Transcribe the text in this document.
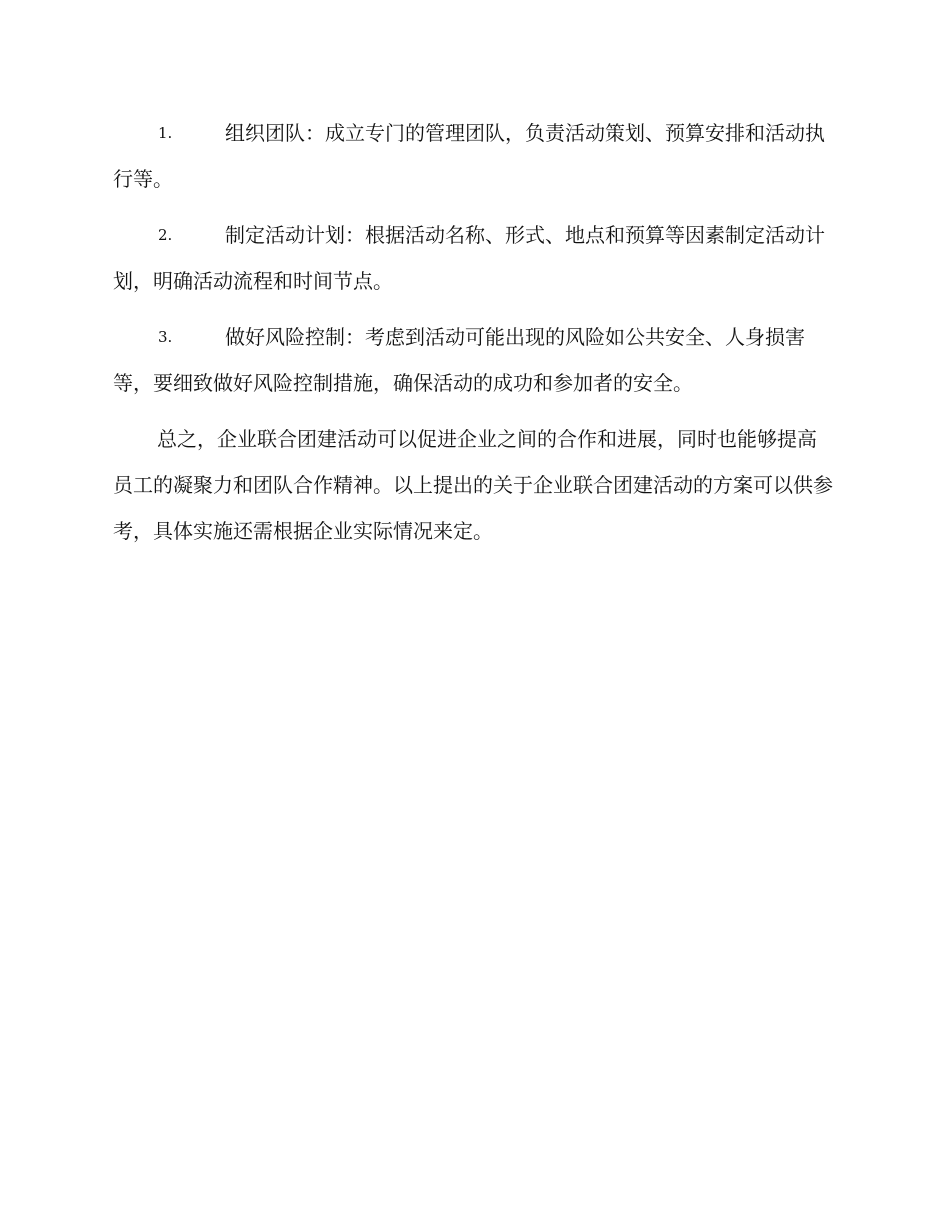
1.	组织团队：成立专门的管理团队，负责活动策划、预算安排和活动执行等。
2.	制定活动计划：根据活动名称、形式、地点和预算等因素制定活动计划，明确活动流程和时间节点。
3.	做好风险控制：考虑到活动可能出现的风险如公共安全、人身损害等，要细致做好风险控制措施，确保活动的成功和参加者的安全。

总之，企业联合团建活动可以促进企业之间的合作和进展，同时也能够提高员工的凝聚力和团队合作精神。以上提出的关于企业联合团建活动的方案可以供参考，具体实施还需根据企业实际情况来定。
